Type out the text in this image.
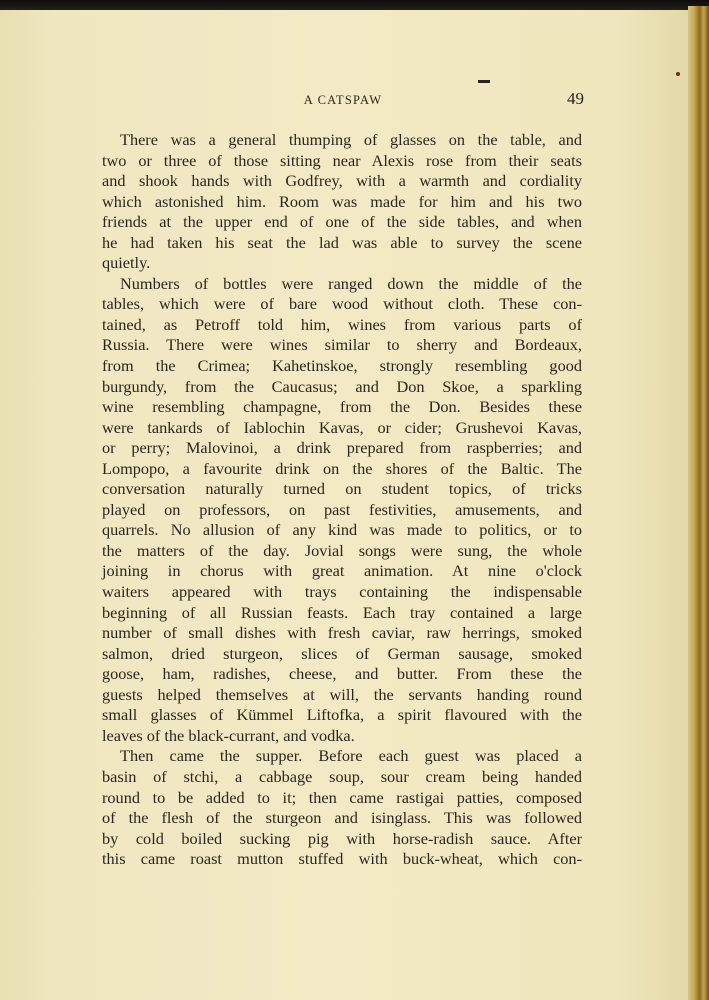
A CATSPAW	49
There was a general thumping of glasses on the table, and
two or three of those sitting near Alexis rose from their seats
and shook hands with Godfrey, with a warmth and cordiality
which astonished him. Room was made for him and his two
friends at the upper end of one of the side tables, and when
he had taken his seat the lad was able to survey the scene
quietly.
Numbers of bottles were ranged down the middle of the
tables, which were of bare wood without cloth. These con-
tained, as Petroff told him, wines from various parts of
Russia. There were wines similar to sherry and Bordeaux,
from the Crimea; Kahetinskoe, strongly resembling good
burgundy, from the Caucasus; and Don Skoe, a sparkling
wine resembling champagne, from the Don. Besides these
were tankards of Iablochin Kavas, or cider; Grushevoi Kavas,
or perry; Malovinoi, a drink prepared from raspberries; and
Lompopo, a favourite drink on the shores of the Baltic. The
conversation naturally turned on student topics, of tricks
played on professors, on past festivities, amusements, and
quarrels. No allusion of any kind was made to politics, or to
the matters of the day. Jovial songs were sung, the whole
joining in chorus with great animation. At nine o'clock
waiters appeared with trays containing the indispensable
beginning of all Russian feasts. Each tray contained a large
number of small dishes with fresh caviar, raw herrings, smoked
salmon, dried sturgeon, slices of German sausage, smoked
goose, ham, radishes, cheese, and butter. From these the
guests helped themselves at will, the servants handing round
small glasses of Kümmel Liftofka, a spirit flavoured with the
leaves of the black-currant, and vodka.
Then came the supper. Before each guest was placed a
basin of stchi, a cabbage soup, sour cream being handed
round to be added to it; then came rastigai patties, composed
of the flesh of the sturgeon and isinglass. This was followed
by cold boiled sucking pig with horse-radish sauce. After
this came roast mutton stuffed with buck-wheat, which con-
